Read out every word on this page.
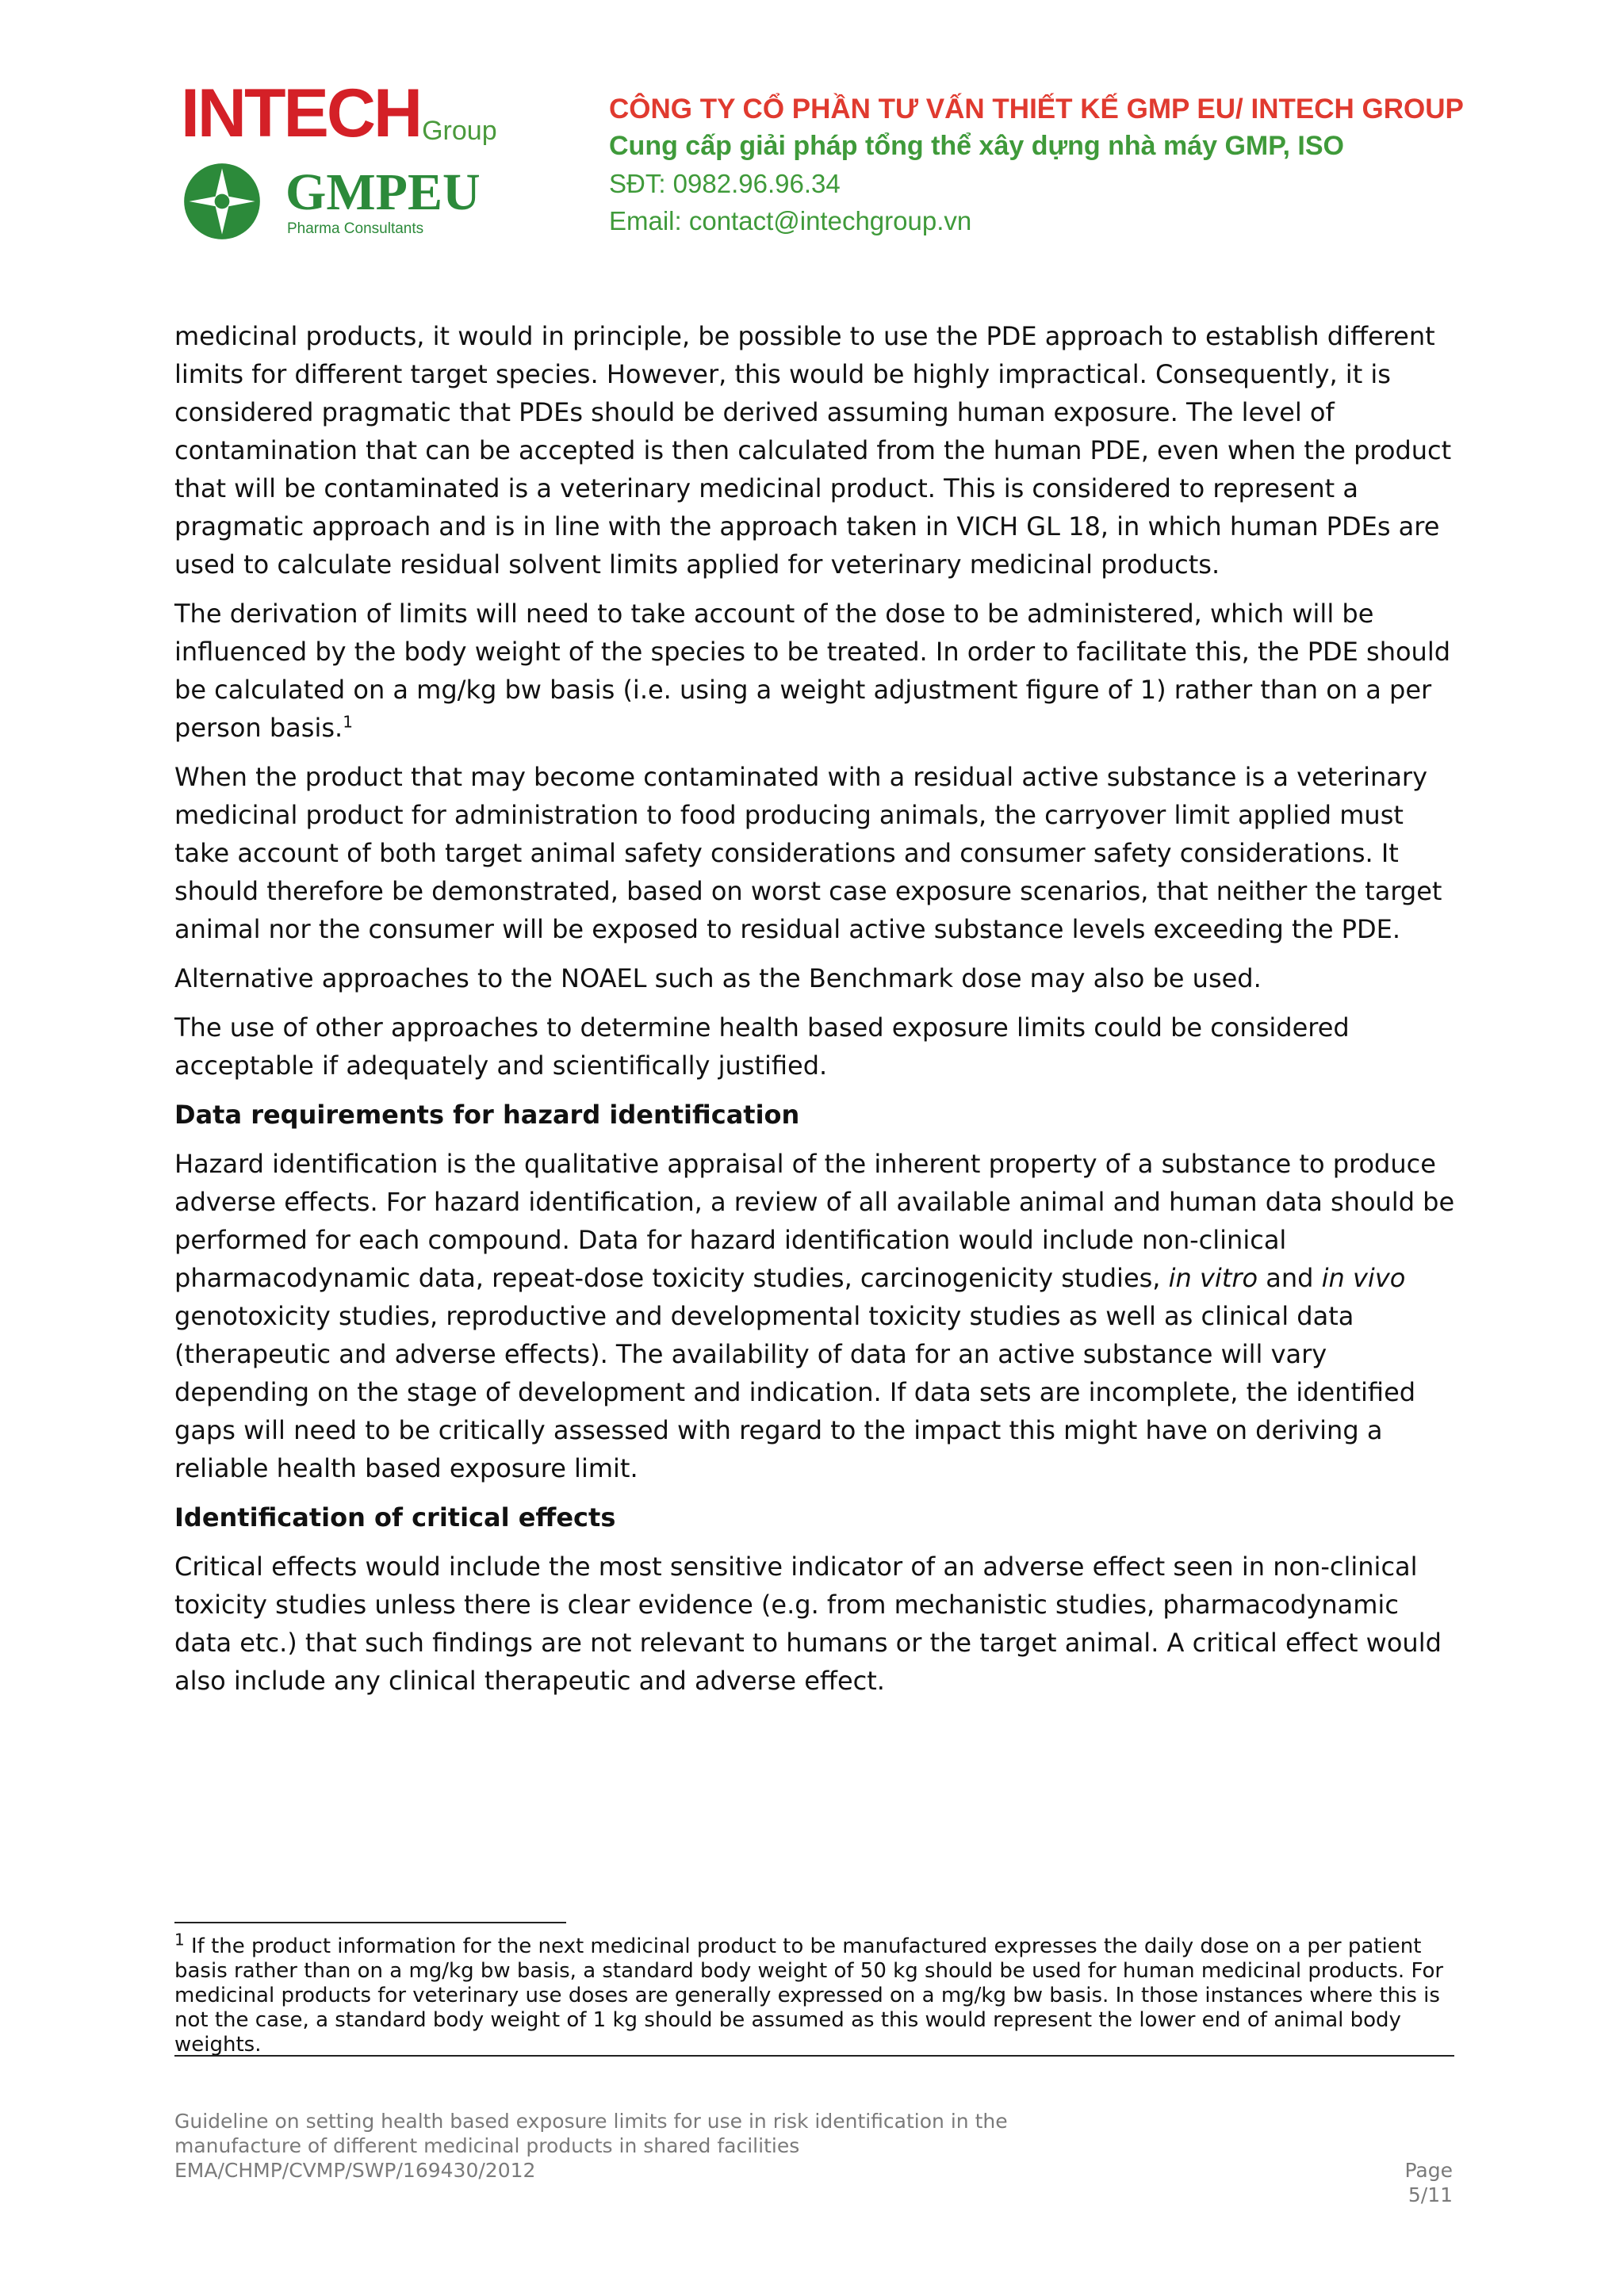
INTECHGroup
GMPEU
Pharma Consultants
CÔNG TY CỔ PHẦN TƯ VẤN THIẾT KẾ GMP EU/ INTECH GROUP
Cung cấp giải pháp tổng thể xây dựng nhà máy GMP, ISO
SĐT: 0982.96.96.34
Email: contact@intechgroup.vn

medicinal products, it would in principle, be possible to use the PDE approach to establish different limits for different target species. However, this would be highly impractical. Consequently, it is considered pragmatic that PDEs should be derived assuming human exposure. The level of contamination that can be accepted is then calculated from the human PDE, even when the product that will be contaminated is a veterinary medicinal product. This is considered to represent a pragmatic approach and is in line with the approach taken in VICH GL 18, in which human PDEs are used to calculate residual solvent limits applied for veterinary medicinal products.

The derivation of limits will need to take account of the dose to be administered, which will be influenced by the body weight of the species to be treated. In order to facilitate this, the PDE should be calculated on a mg/kg bw basis (i.e. using a weight adjustment figure of 1) rather than on a per person basis.$^1$

When the product that may become contaminated with a residual active substance is a veterinary medicinal product for administration to food producing animals, the carryover limit applied must take account of both target animal safety considerations and consumer safety considerations. It should therefore be demonstrated, based on worst case exposure scenarios, that neither the target animal nor the consumer will be exposed to residual active substance levels exceeding the PDE.

Alternative approaches to the NOAEL such as the Benchmark dose may also be used.

The use of other approaches to determine health based exposure limits could be considered acceptable if adequately and scientifically justified.

Data requirements for hazard identification

Hazard identification is the qualitative appraisal of the inherent property of a substance to produce adverse effects. For hazard identification, a review of all available animal and human data should be performed for each compound. Data for hazard identification would include non-clinical pharmacodynamic data, repeat-dose toxicity studies, carcinogenicity studies, in vitro and in vivo genotoxicity studies, reproductive and developmental toxicity studies as well as clinical data (therapeutic and adverse effects). The availability of data for an active substance will vary depending on the stage of development and indication. If data sets are incomplete, the identified gaps will need to be critically assessed with regard to the impact this might have on deriving a reliable health based exposure limit.

Identification of critical effects

Critical effects would include the most sensitive indicator of an adverse effect seen in non-clinical toxicity studies unless there is clear evidence (e.g. from mechanistic studies, pharmacodynamic data etc.) that such findings are not relevant to humans or the target animal. A critical effect would also include any clinical therapeutic and adverse effect.

$^1$ If the product information for the next medicinal product to be manufactured expresses the daily dose on a per patient basis rather than on a mg/kg bw basis, a standard body weight of 50 kg should be used for human medicinal products. For medicinal products for veterinary use doses are generally expressed on a mg/kg bw basis. In those instances where this is not the case, a standard body weight of 1 kg should be assumed as this would represent the lower end of animal body weights.
Guideline on setting health based exposure limits for use in risk identification in the
manufacture of different medicinal products in shared facilities
EMA/CHMP/CVMP/SWP/169430/2012	Page 5/11
